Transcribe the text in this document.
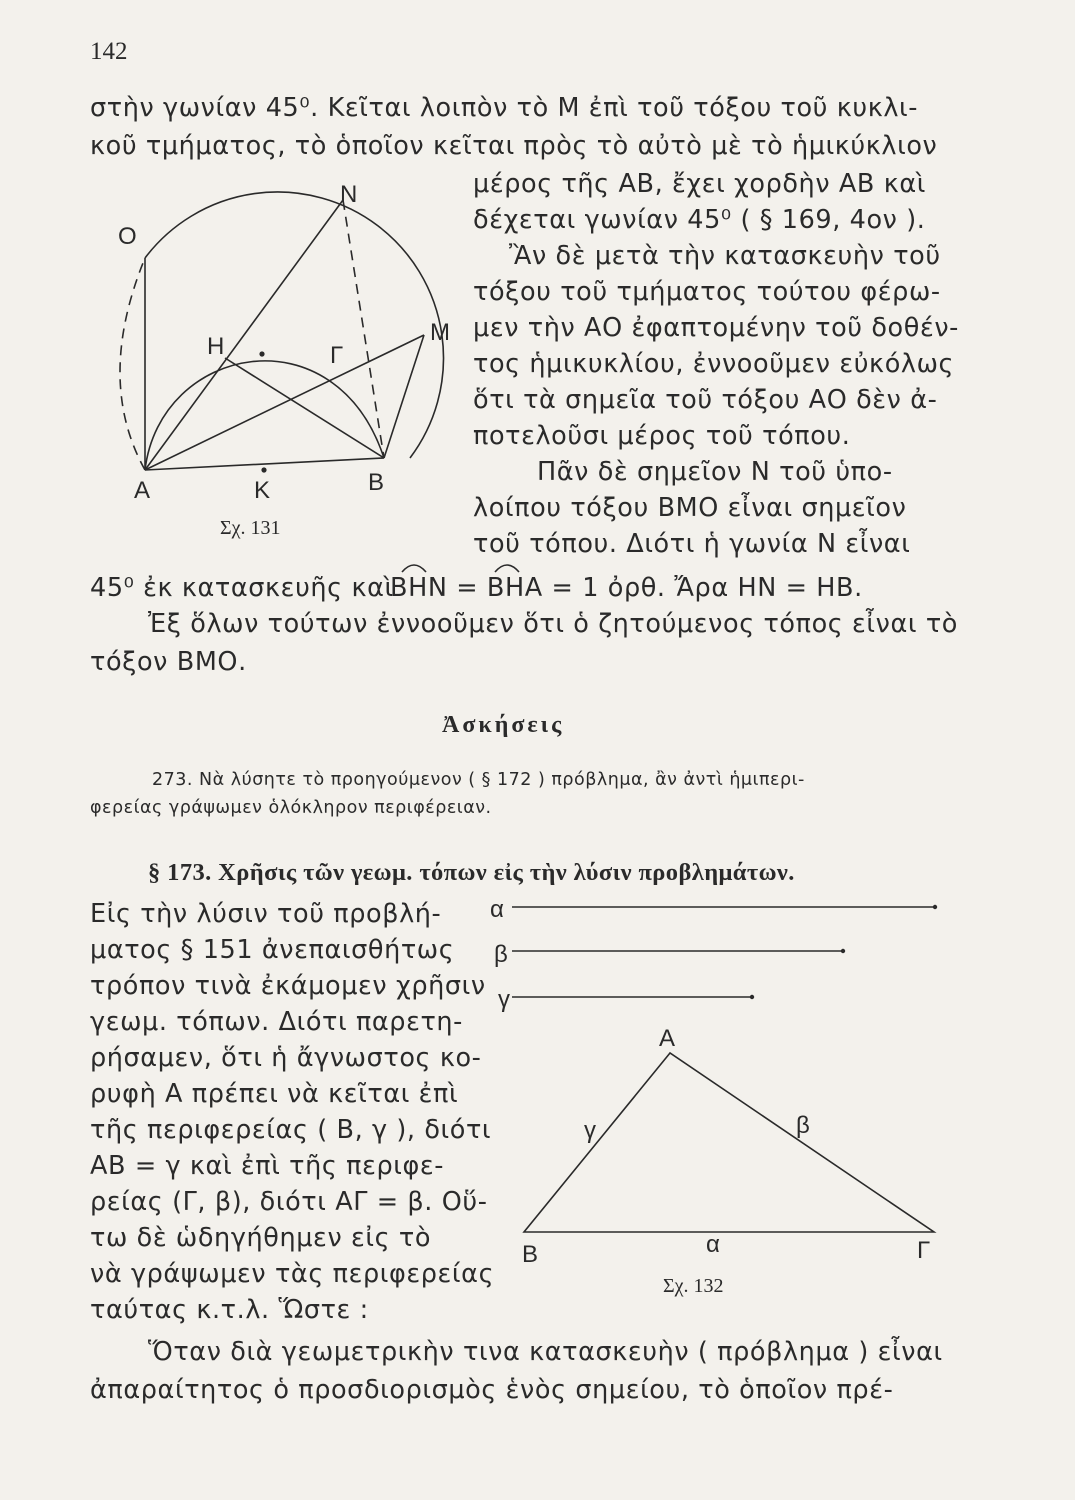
142
στὴν γωνίαν 45⁰. Κεῖται λοιπὸν τὸ Μ ἐπὶ τοῦ τόξου τοῦ κυκλι-
κοῦ τμήματος, τὸ ὁποῖον κεῖται πρὸς τὸ αὐτὸ μὲ τὸ ἡμικύκλιον
μέρος τῆς ΑΒ, ἔχει χορδὴν ΑΒ καὶ
δέχεται γωνίαν 45⁰ ( § 169, 4ον ).
Ἂν δὲ μετὰ τὴν κατασκευὴν τοῦ
τόξου τοῦ τμήματος τούτου φέρω-
μεν τὴν ΑΟ ἐφαπτομένην τοῦ δοθέν-
τος ἡμικυκλίου, ἐννοοῦμεν εὐκόλως
ὅτι τὰ σημεῖα τοῦ τόξου ΑΟ δὲν ἀ-
ποτελοῦσι μέρος τοῦ τόπου.
Πᾶν δὲ σημεῖον Ν τοῦ ὑπο-
λοίπου τόξου ΒΜΟ εἶναι σημεῖον
τοῦ τόπου. Διότι ἡ γωνία Ν εἶναι
45⁰ ἐκ κατασκευῆς καὶ
ΒΗΝ = ΒΗΑ = 1 ὀρθ. Ἄρα ΗΝ = ΗΒ.
Ἐξ ὅλων τούτων ἐννοοῦμεν ὅτι ὁ ζητούμενος τόπος εἶναι τὸ
τόξον ΒΜΟ.
Ἀσκήσεις
273. Νὰ λύσητε τὸ προηγούμενον ( § 172 ) πρόβλημα, ἂν ἀντὶ ἡμιπερι-
φερείας γράψωμεν ὁλόκληρον περιφέρειαν.
§ 173. Χρῆσις τῶν γεωμ. τόπων εἰς τὴν λύσιν προβλημάτων.
Εἰς τὴν λύσιν τοῦ προβλή-
ματος § 151 ἀνεπαισθήτως
τρόπον τινὰ ἐκάμομεν χρῆσιν
γεωμ. τόπων. Διότι παρετη-
ρήσαμεν, ὅτι ἡ ἄγνωστος κο-
ρυφὴ Α πρέπει νὰ κεῖται ἐπὶ
τῆς περιφερείας ( Β, γ ), διότι
ΑΒ = γ καὶ ἐπὶ τῆς περιφε-
ρείας (Γ, β), διότι ΑΓ = β. Οὕ-
τω δὲ ὡδηγήθημεν εἰς τὸ
νὰ γράψωμεν τὰς περιφερείας
ταύτας κ.τ.λ. Ὥστε :
Ὅταν διὰ γεωμετρικὴν τινα κατασκευὴν ( πρόβλημα ) εἶναι
ἀπαραίτητος ὁ προσδιορισμὸς ἑνὸς σημείου, τὸ ὁποῖον πρέ-
Ο
Ν
Μ
Η	Γ
Α	Κ	Β
Σχ. 131
α
β
γ
Α
Β	Γ
α
β
γ
Σχ. 132
